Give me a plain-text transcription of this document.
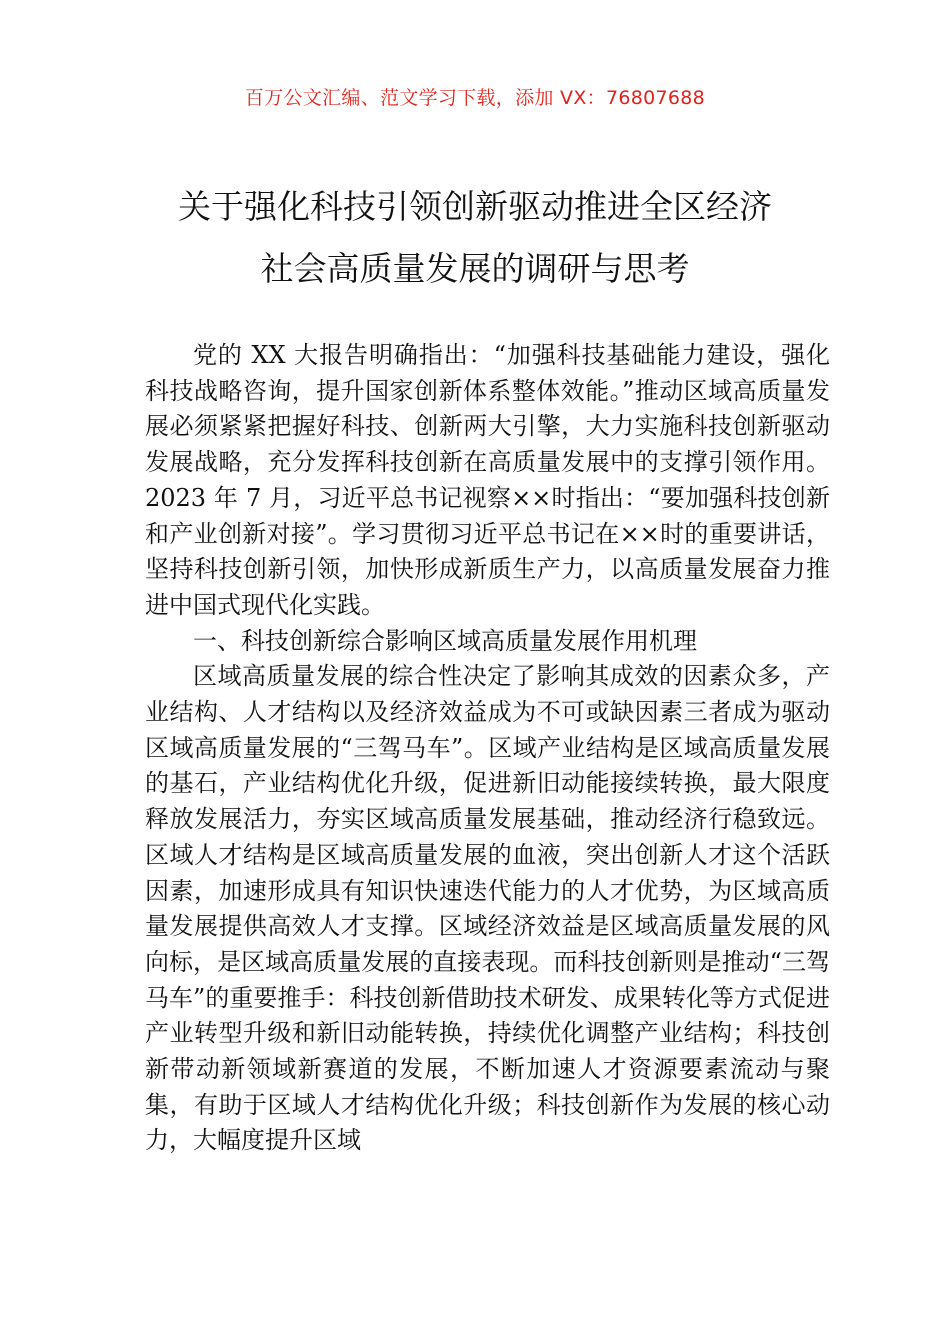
百万公文汇编、范文学习下载，添加 VX：76807688
关于强化科技引领创新驱动推进全区经济
社会高质量发展的调研与思考

党的 XX 大报告明确指出：“加强科技基础能力建设，强化科技战略咨询，提升国家创新体系整体效能。”推动区域高质量发展必须紧紧把握好科技、创新两大引擎，大力实施科技创新驱动发展战略，充分发挥科技创新在高质量发展中的支撑引领作用。2023 年 7 月，习近平总书记视察××时指出：“要加强科技创新和产业创新对接”。学习贯彻习近平总书记在××时的重要讲话，坚持科技创新引领，加快形成新质生产力，以高质量发展奋力推进中国式现代化实践。

一、科技创新综合影响区域高质量发展作用机理

区域高质量发展的综合性决定了影响其成效的因素众多，产业结构、人才结构以及经济效益成为不可或缺因素三者成为驱动区域高质量发展的“三驾马车”。区域产业结构是区域高质量发展的基石，产业结构优化升级，促进新旧动能接续转换，最大限度释放发展活力，夯实区域高质量发展基础，推动经济行稳致远。区域人才结构是区域高质量发展的血液，突出创新人才这个活跃因素，加速形成具有知识快速迭代能力的人才优势，为区域高质量发展提供高效人才支撑。区域经济效益是区域高质量发展的风向标，是区域高质量发展的直接表现。而科技创新则是推动“三驾马车”的重要推手：科技创新借助技术研发、成果转化等方式促进产业转型升级和新旧动能转换，持续优化调整产业结构；科技创新带动新领域新赛道的发展，不断加速人才资源要素流动与聚集，有助于区域人才结构优化升级；科技创新作为发展的核心动力，大幅度提升区域
